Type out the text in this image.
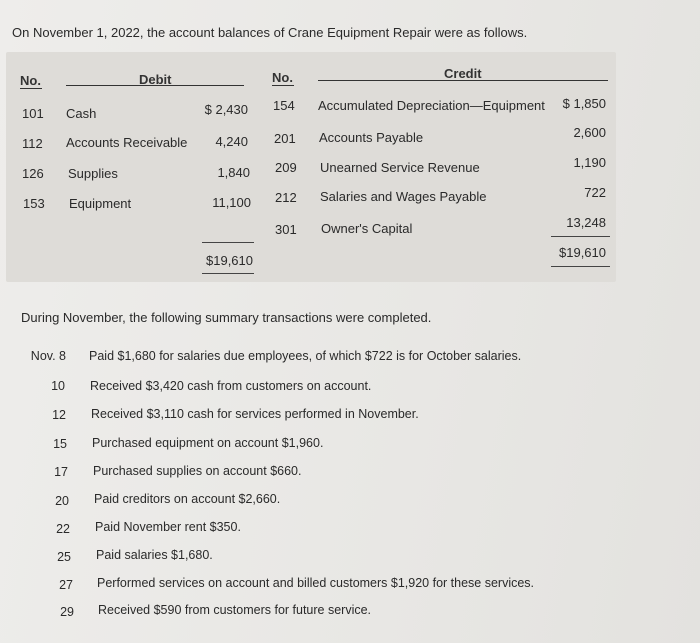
On November 1, 2022, the account balances of Crane Equipment Repair were as follows.
No.	Debit	No.	Credit
101 Cash	$ 2,430
112 Accounts Receivable	4,240
126 Supplies	1,840
153 Equipment	11,100
154 Accumulated Depreciation—Equipment	$ 1,850
201 Accounts Payable	2,600
209 Unearned Service Revenue	1,190
212 Salaries and Wages Payable	722
301 Owner's Capital	13,248
$19,610
$19,610
During November, the following summary transactions were completed.
Nov. 8 Paid $1,680 for salaries due employees, of which $722 is for October salaries.
10 Received $3,420 cash from customers on account.
12 Received $3,110 cash for services performed in November.
15 Purchased equipment on account $1,960.
17 Purchased supplies on account $660.
20 Paid creditors on account $2,660.
22 Paid November rent $350.
25 Paid salaries $1,680.
27 Performed services on account and billed customers $1,920 for these services.
29 Received $590 from customers for future service.
